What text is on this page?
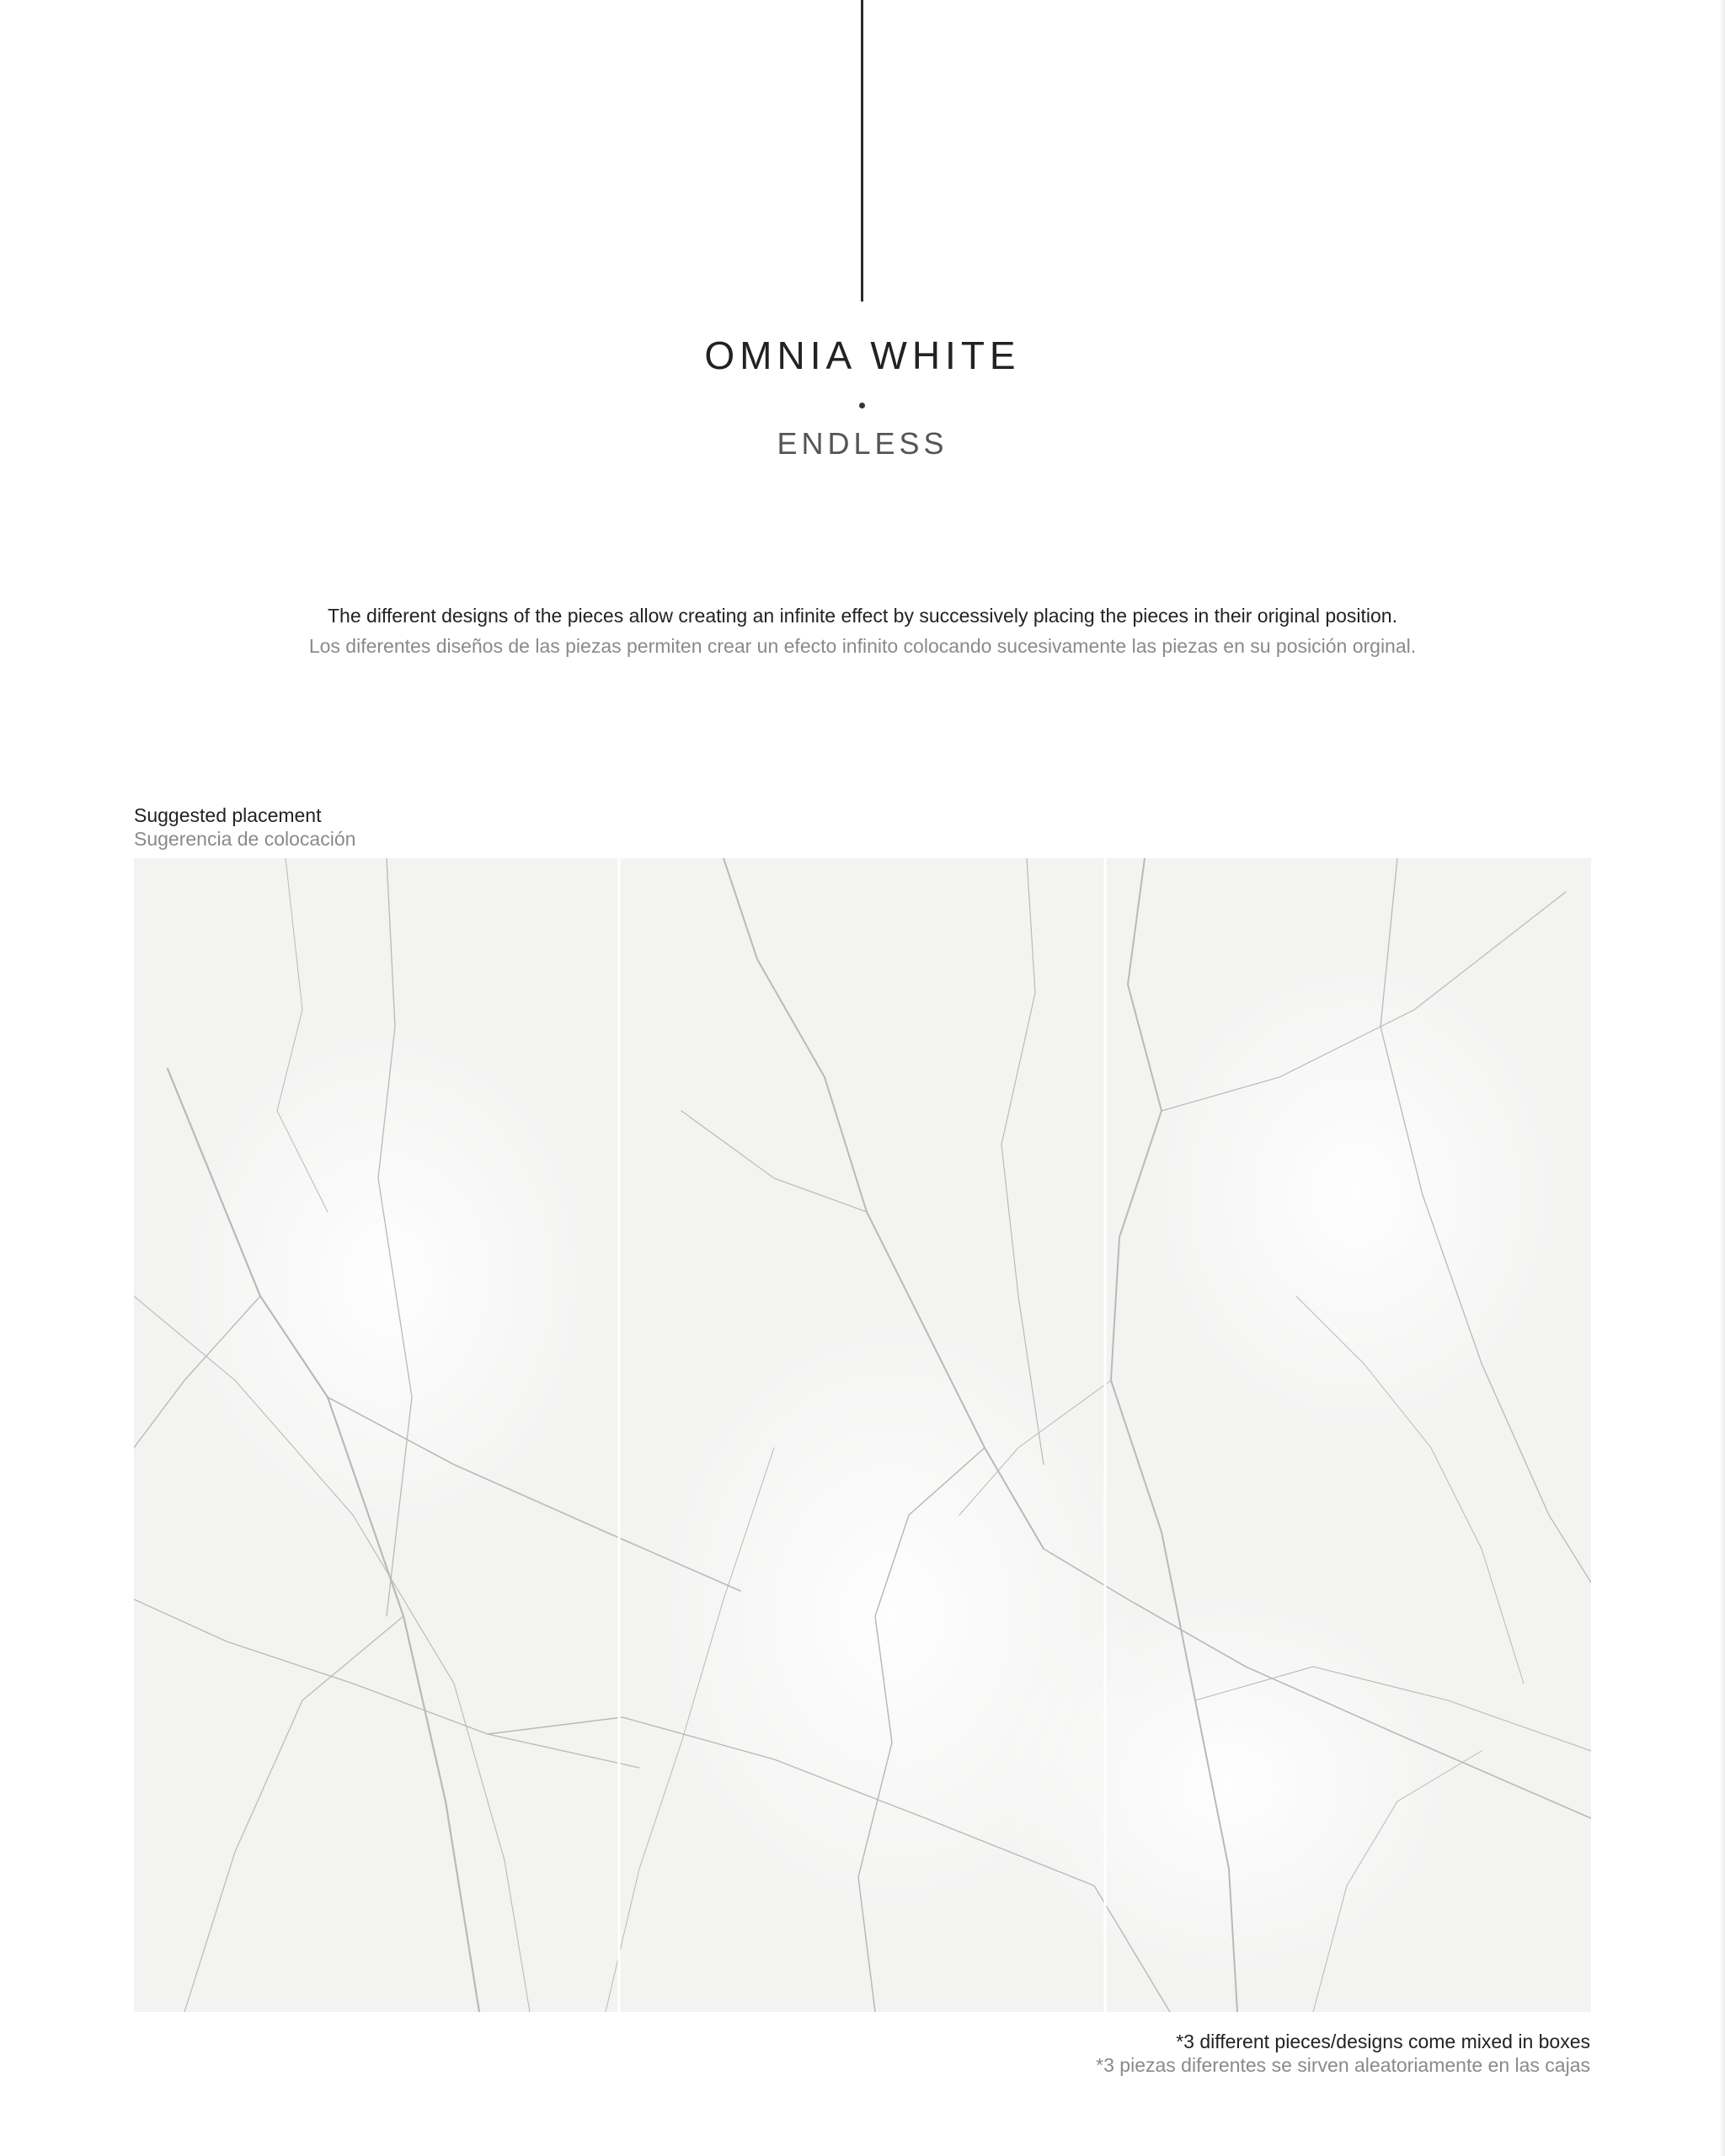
OMNIA WHITE
ENDLESS
The different designs of the pieces allow creating an infinite effect by successively placing the pieces in their original position.
Los diferentes diseños de las piezas permiten crear un efecto infinito colocando sucesivamente las piezas en su posición orginal.
Suggested placement
Sugerencia de colocación
*3 different pieces/designs come mixed in boxes
*3 piezas diferentes se sirven aleatoriamente en las cajas
